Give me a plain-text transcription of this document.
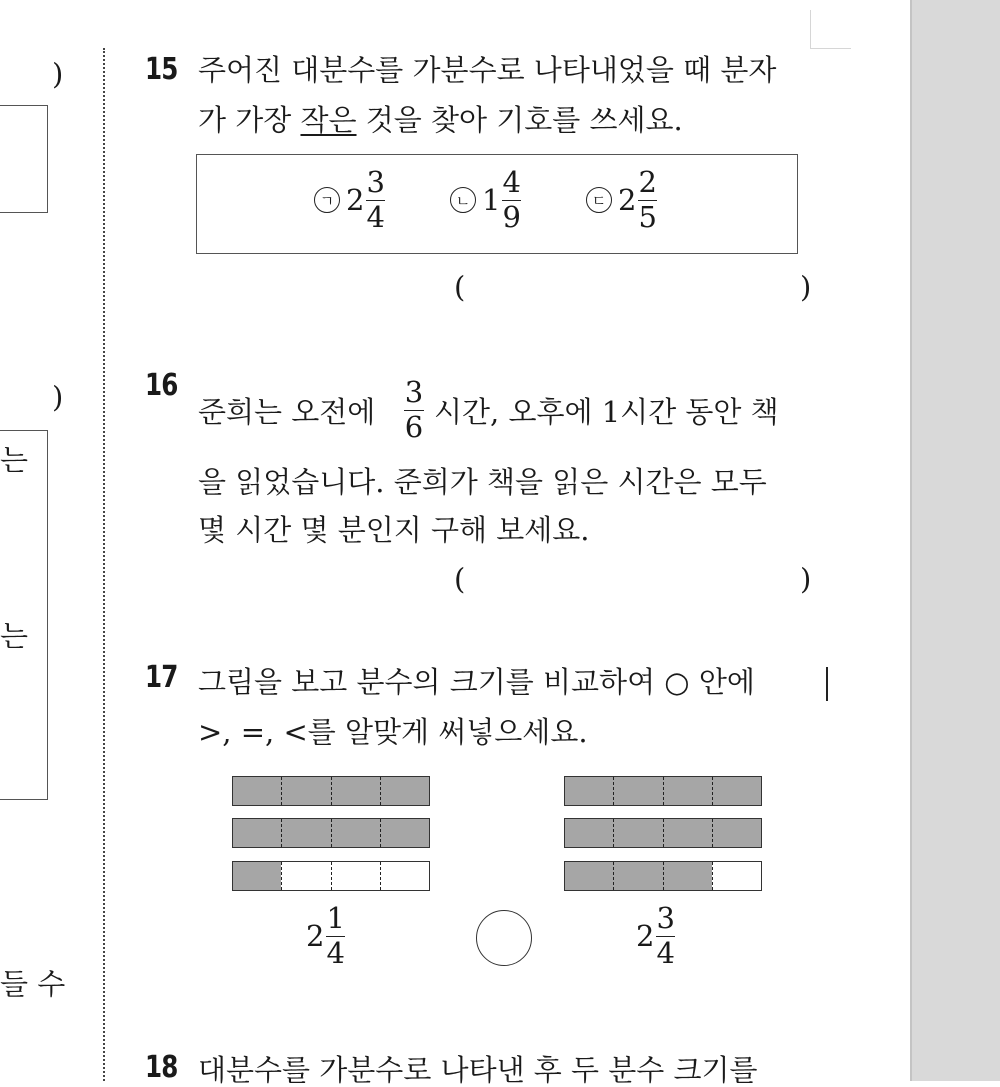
)
)
는
는
들 수
15 주어진 대분수를 가분수로 나타내었을 때 분자
가 가장 작은 것을 찾아 기호를 쓰세요.
ㄱ 2
3
4	ㄴ 1
4
9	ㄷ 2
2
5
(	)
16
준희는 오전에
3
6 시간, 오후에 1시간 동안 책
을 읽었습니다. 준희가 책을 읽은 시간은 모두
몇 시간 몇 분인지 구해 보세요.
(	)
17 그림을 보고 분수의 크기를 비교하여 ○ 안에
>, =, <를 알맞게 써넣으세요.
2
1
4	2
3
4
18 대분수를 가분수로 나타낸 후 두 분수 크기를
